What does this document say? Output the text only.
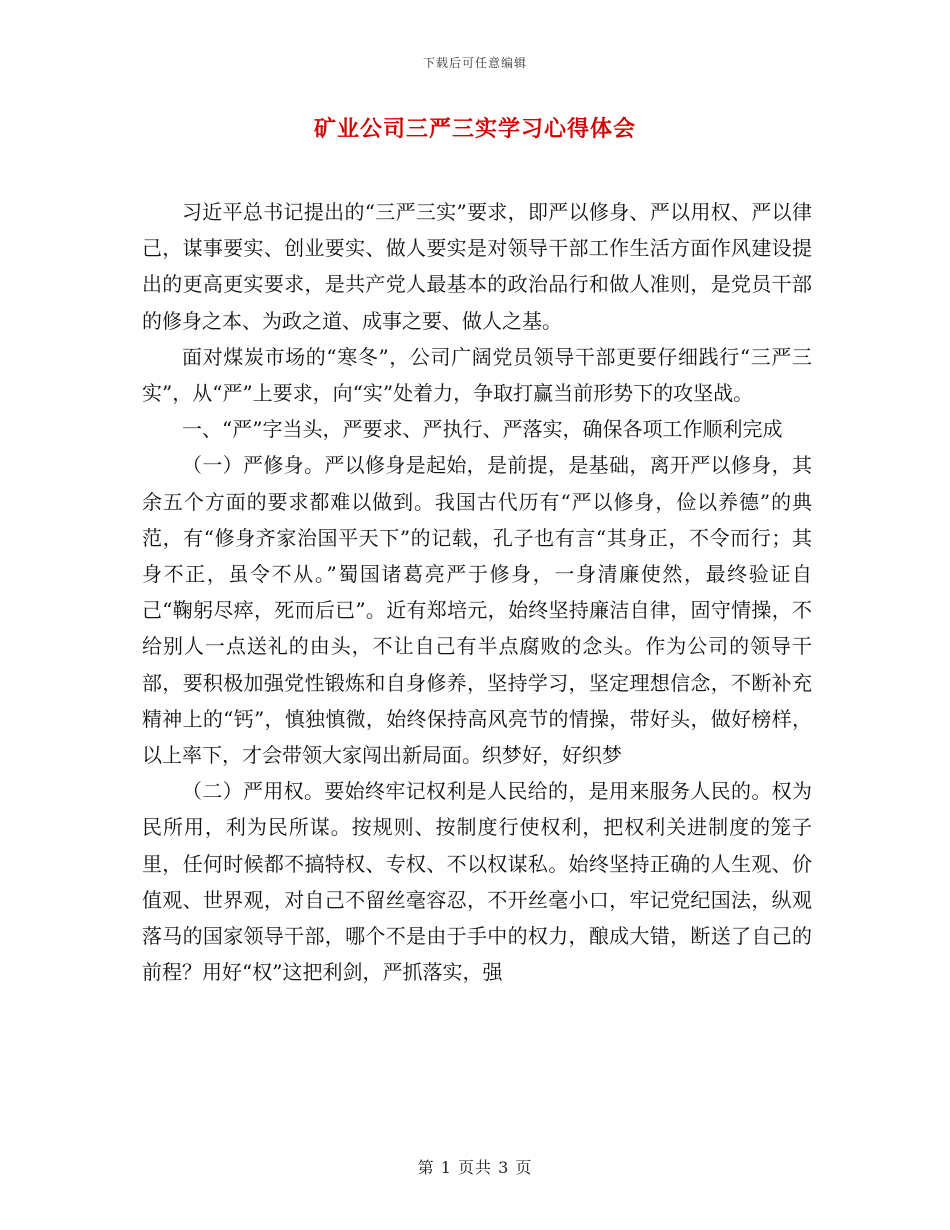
下载后可任意编辑
矿业公司三严三实学习心得体会

习近平总书记提出的“三严三实”要求，即严以修身、严以用权、严以律己，谋事要实、创业要实、做人要实是对领导干部工作生活方面作风建设提出的更高更实要求，是共产党人最基本的政治品行和做人准则，是党员干部的修身之本、为政之道、成事之要、做人之基。

面对煤炭市场的“寒冬”，公司广阔党员领导干部更要仔细践行“三严三实”，从“严”上要求，向“实”处着力，争取打赢当前形势下的攻坚战。

一、“严”字当头，严要求、严执行、严落实，确保各项工作顺利完成

（一）严修身。严以修身是起始，是前提，是基础，离开严以修身，其余五个方面的要求都难以做到。我国古代历有“严以修身，俭以养德”的典范，有“修身齐家治国平天下”的记载，孔子也有言“其身正，不令而行；其身不正，虽令不从。”蜀国诸葛亮严于修身，一身清廉使然，最终验证自己“鞠躬尽瘁，死而后已”。近有郑培元，始终坚持廉洁自律，固守情操，不给别人一点送礼的由头，不让自己有半点腐败的念头。作为公司的领导干部，要积极加强党性锻炼和自身修养，坚持学习，坚定理想信念，不断补充精神上的“钙”，慎独慎微，始终保持高风亮节的情操，带好头，做好榜样，以上率下，才会带领大家闯出新局面。织梦好，好织梦

（二）严用权。要始终牢记权利是人民给的，是用来服务人民的。权为民所用，利为民所谋。按规则、按制度行使权利，把权利关进制度的笼子里，任何时候都不搞特权、专权、不以权谋私。始终坚持正确的人生观、价值观、世界观，对自己不留丝毫容忍，不开丝毫小口，牢记党纪国法，纵观落马的国家领导干部，哪个不是由于手中的权力，酿成大错，断送了自己的前程？用好“权”这把利剑，严抓落实，强

第 1 页共 3 页
